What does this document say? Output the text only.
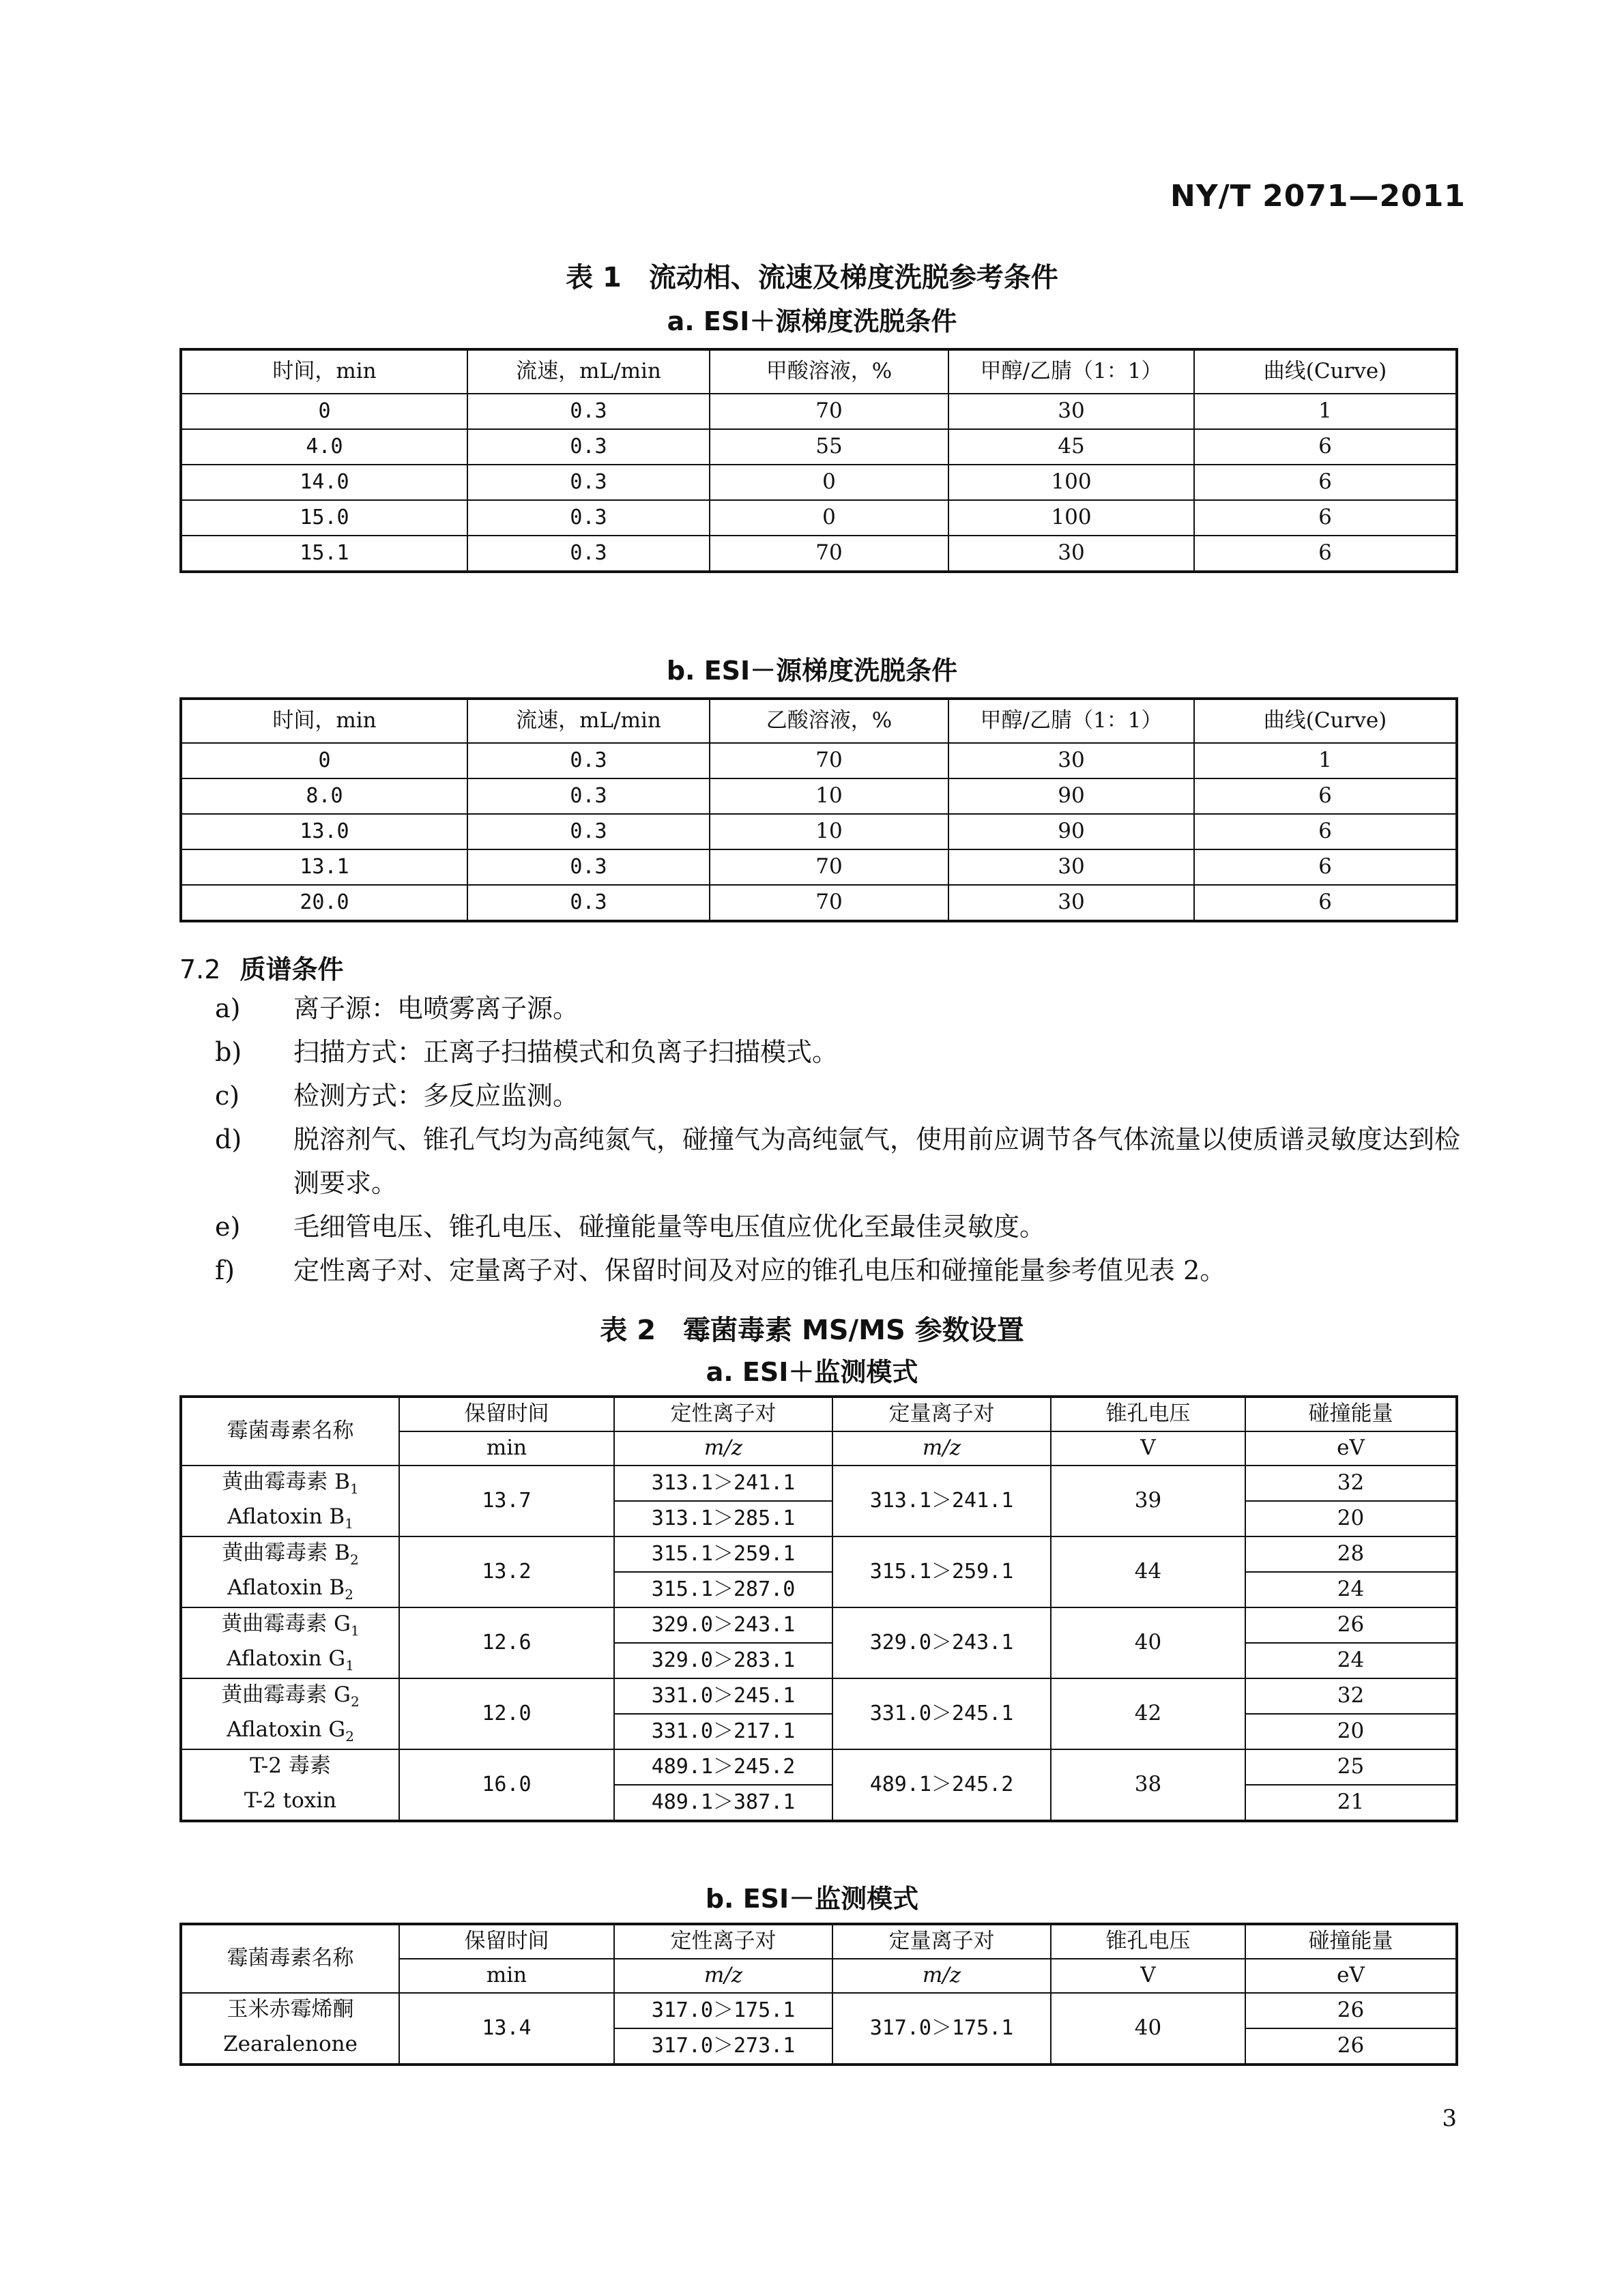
NY/T 2071—2011
表 1　流动相、流速及梯度洗脱参考条件
a. ESI＋源梯度洗脱条件
时间，min	流速，mL/min	甲酸溶液，%	甲醇/乙腈（1：1）	曲线(Curve)
0	0.3	70	30	1
4.0	0.3	55	45	6
14.0	0.3	0	100	6
15.0	0.3	0	100	6
15.1	0.3	70	30	6
b. ESI－源梯度洗脱条件
时间，min	流速，mL/min	乙酸溶液，%	甲醇/乙腈（1：1）	曲线(Curve)
0	0.3	70	30	1
8.0	0.3	10	90	6
13.0	0.3	10	90	6
13.1	0.3	70	30	6
20.0	0.3	70	30	6
7.2 质谱条件
a) 离子源：电喷雾离子源。
b) 扫描方式：正离子扫描模式和负离子扫描模式。
c) 检测方式：多反应监测。
d) 脱溶剂气、锥孔气均为高纯氮气，碰撞气为高纯氩气，使用前应调节各气体流量以使质谱灵敏度达到检测要求。
e) 毛细管电压、锥孔电压、碰撞能量等电压值应优化至最佳灵敏度。
f) 定性离子对、定量离子对、保留时间及对应的锥孔电压和碰撞能量参考值见表 2。
表 2　霉菌毒素 MS/MS 参数设置
a. ESI＋监测模式
霉菌毒素名称	保留时间	定性离子对	定量离子对	锥孔电压	碰撞能量
	min	m/z	m/z	V	eV
黄曲霉毒素 $B_1$	13.7	313.1＞241.1	313.1＞241.1	39	32
Aflatoxin $B_1$		313.1＞285.1			20
黄曲霉毒素 $B_2$	13.2	315.1＞259.1	315.1＞259.1	44	28
Aflatoxin $B_2$		315.1＞287.0			24
黄曲霉毒素 $G_1$	12.6	329.0＞243.1	329.0＞243.1	40	26
Aflatoxin $G_1$		329.0＞283.1			24
黄曲霉毒素 $G_2$	12.0	331.0＞245.1	331.0＞245.1	42	32
Aflatoxin $G_2$		331.0＞217.1			20
T-2 毒素	16.0	489.1＞245.2	489.1＞245.2	38	25
T-2 toxin		489.1＞387.1			21
b. ESI－监测模式
霉菌毒素名称	保留时间	定性离子对	定量离子对	锥孔电压	碰撞能量
	min	m/z	m/z	V	eV
玉米赤霉烯酮	13.4	317.0＞175.1	317.0＞175.1	40	26
Zearalenone		317.0＞273.1			26
3
